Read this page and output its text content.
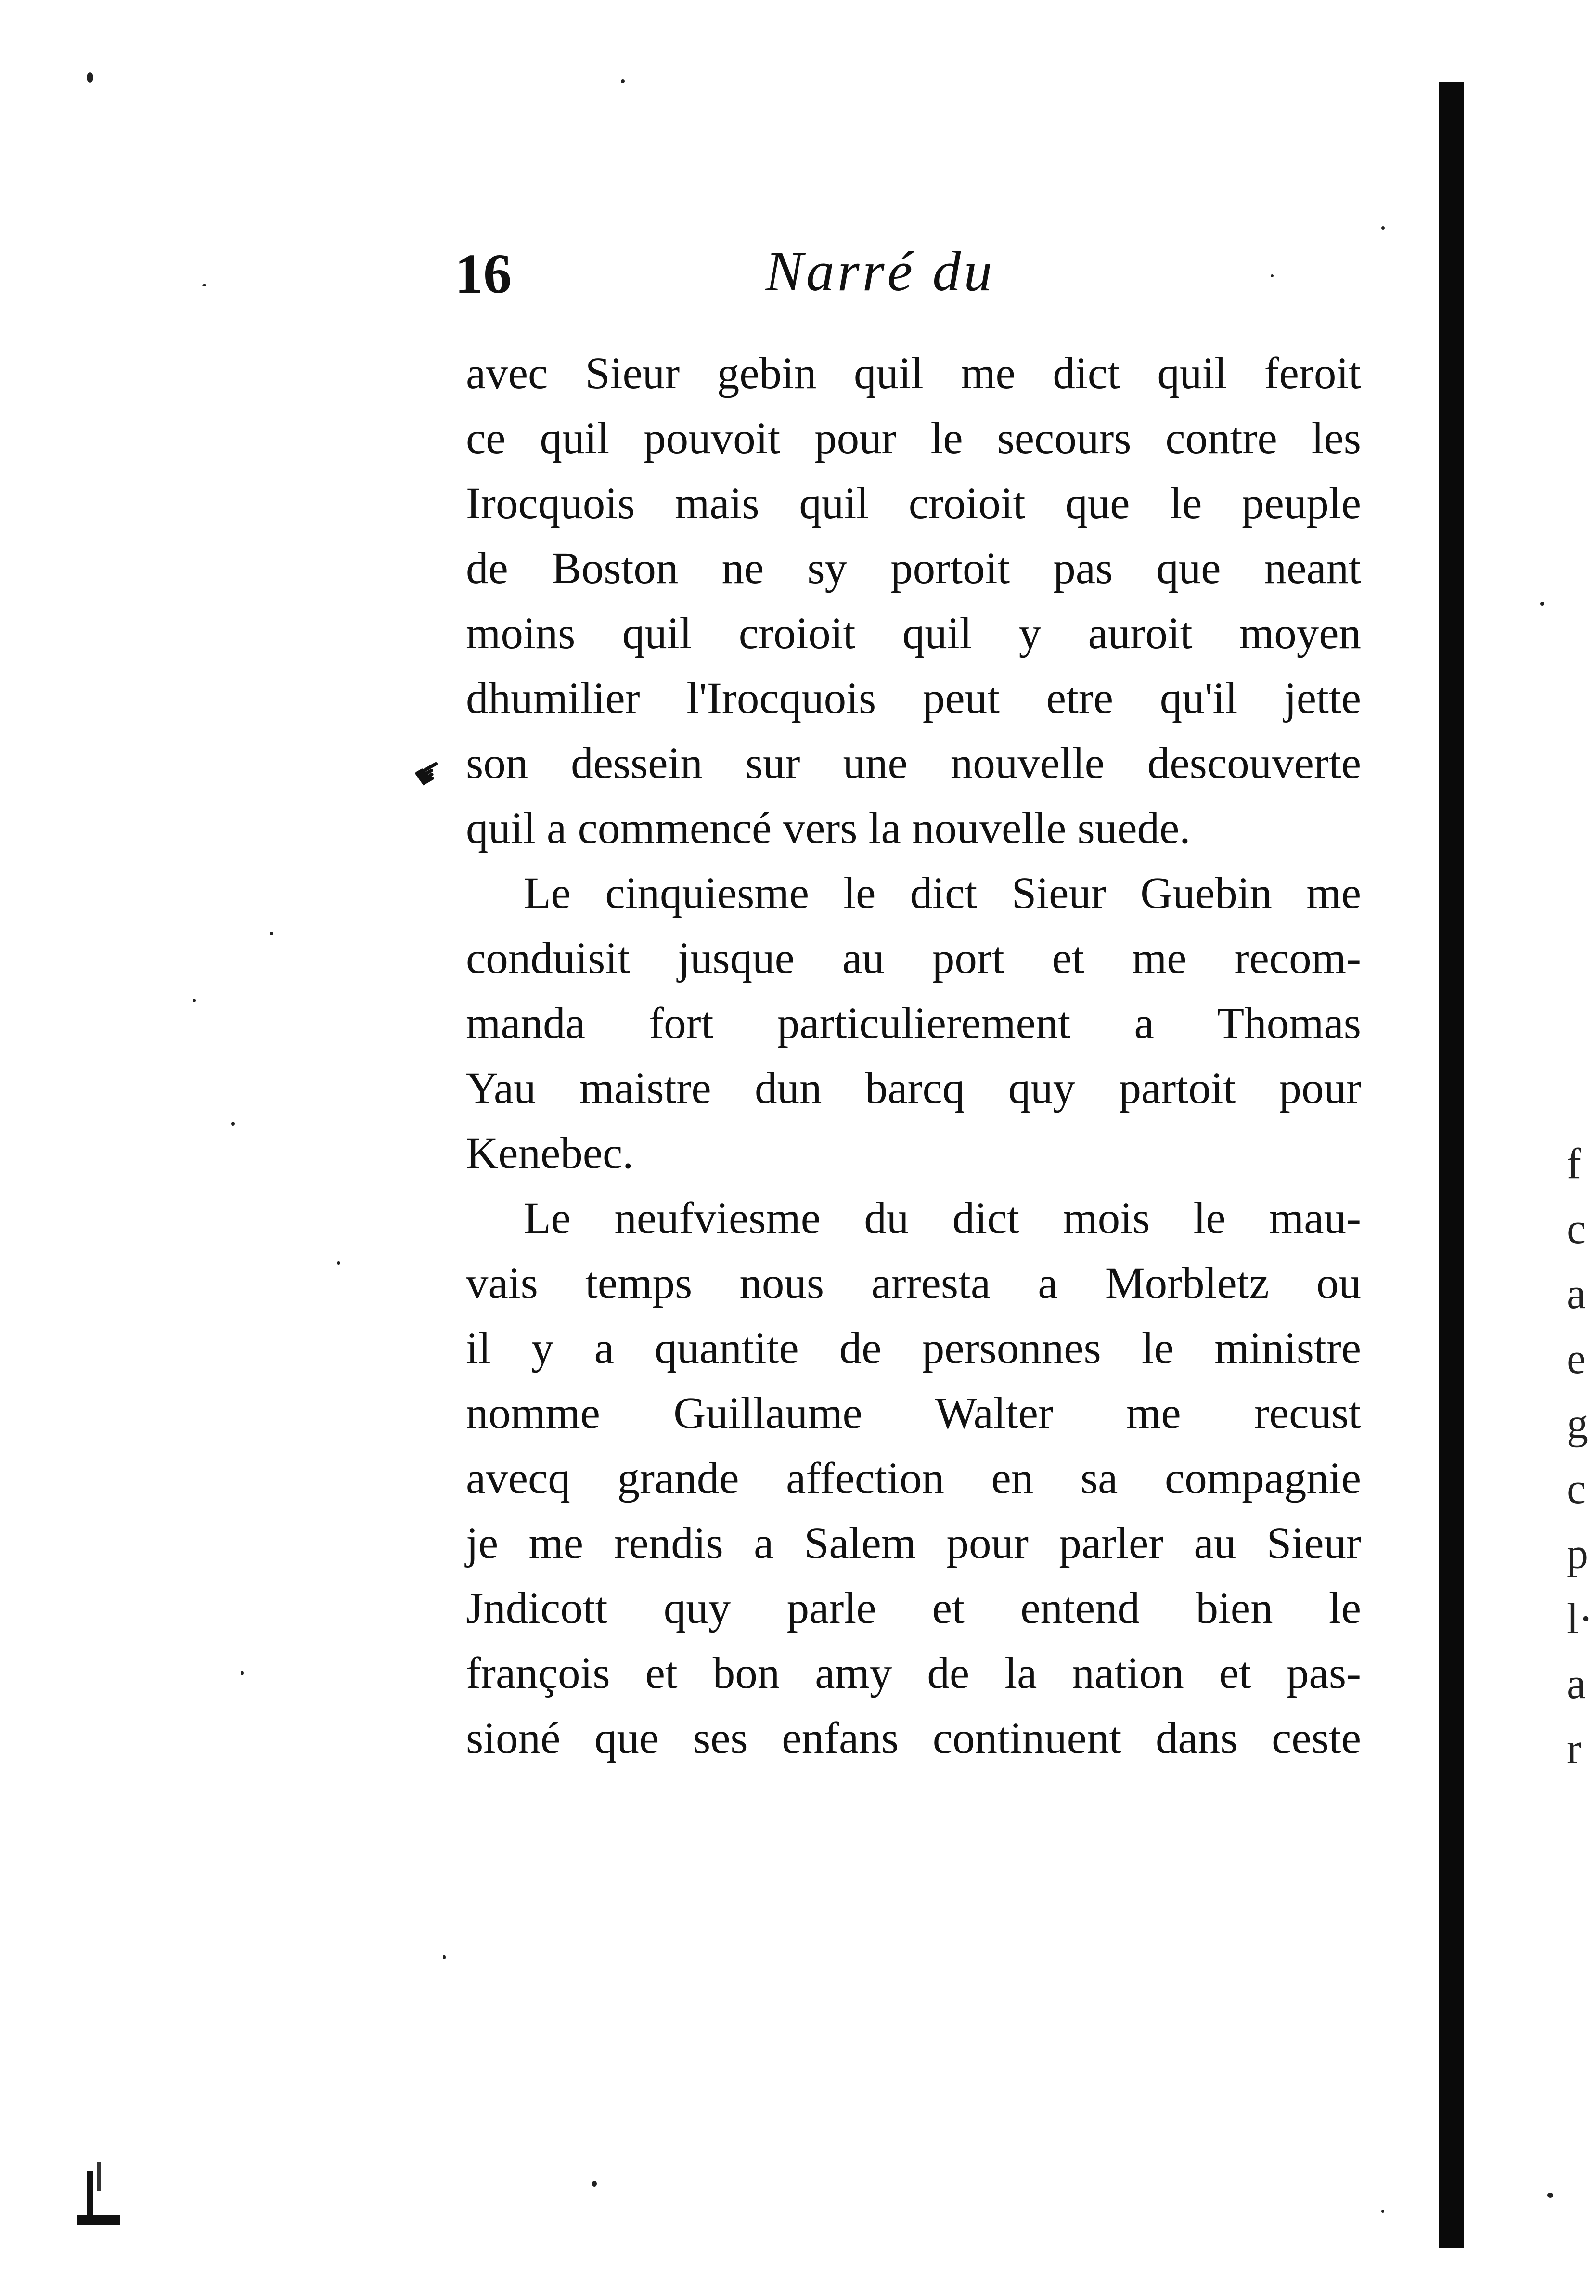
16	Narré du
☛
avec Sieur gebin quil me dict quil feroit
ce quil pouvoit pour le secours contre les
Irocquois mais quil croioit que le peuple
de Boston ne sy portoit pas que neant
moins quil croioit quil y auroit moyen
dhumilier l'Irocquois peut etre qu'il jette
son dessein sur une nouvelle descouverte
quil a commencé vers la nouvelle suede.
Le cinquiesme le dict Sieur Guebin me
conduisit jusque au port et me recom-
manda fort particulierement a Thomas
Yau maistre dun barcq quy partoit pour
Kenebec.
Le neufviesme du dict mois le mau-
vais temps nous arresta a Morbletz ou
il y a quantite de personnes le ministre
nomme Guillaume Walter me recust
avecq grande affection en sa compagnie
je me rendis a Salem pour parler au Sieur
Jndicott quy parle et entend bien le
françois et bon amy de la nation et pas-
sioné que ses enfans continuent dans ceste
f
c
a
e
g
c
p
l·
a
r
